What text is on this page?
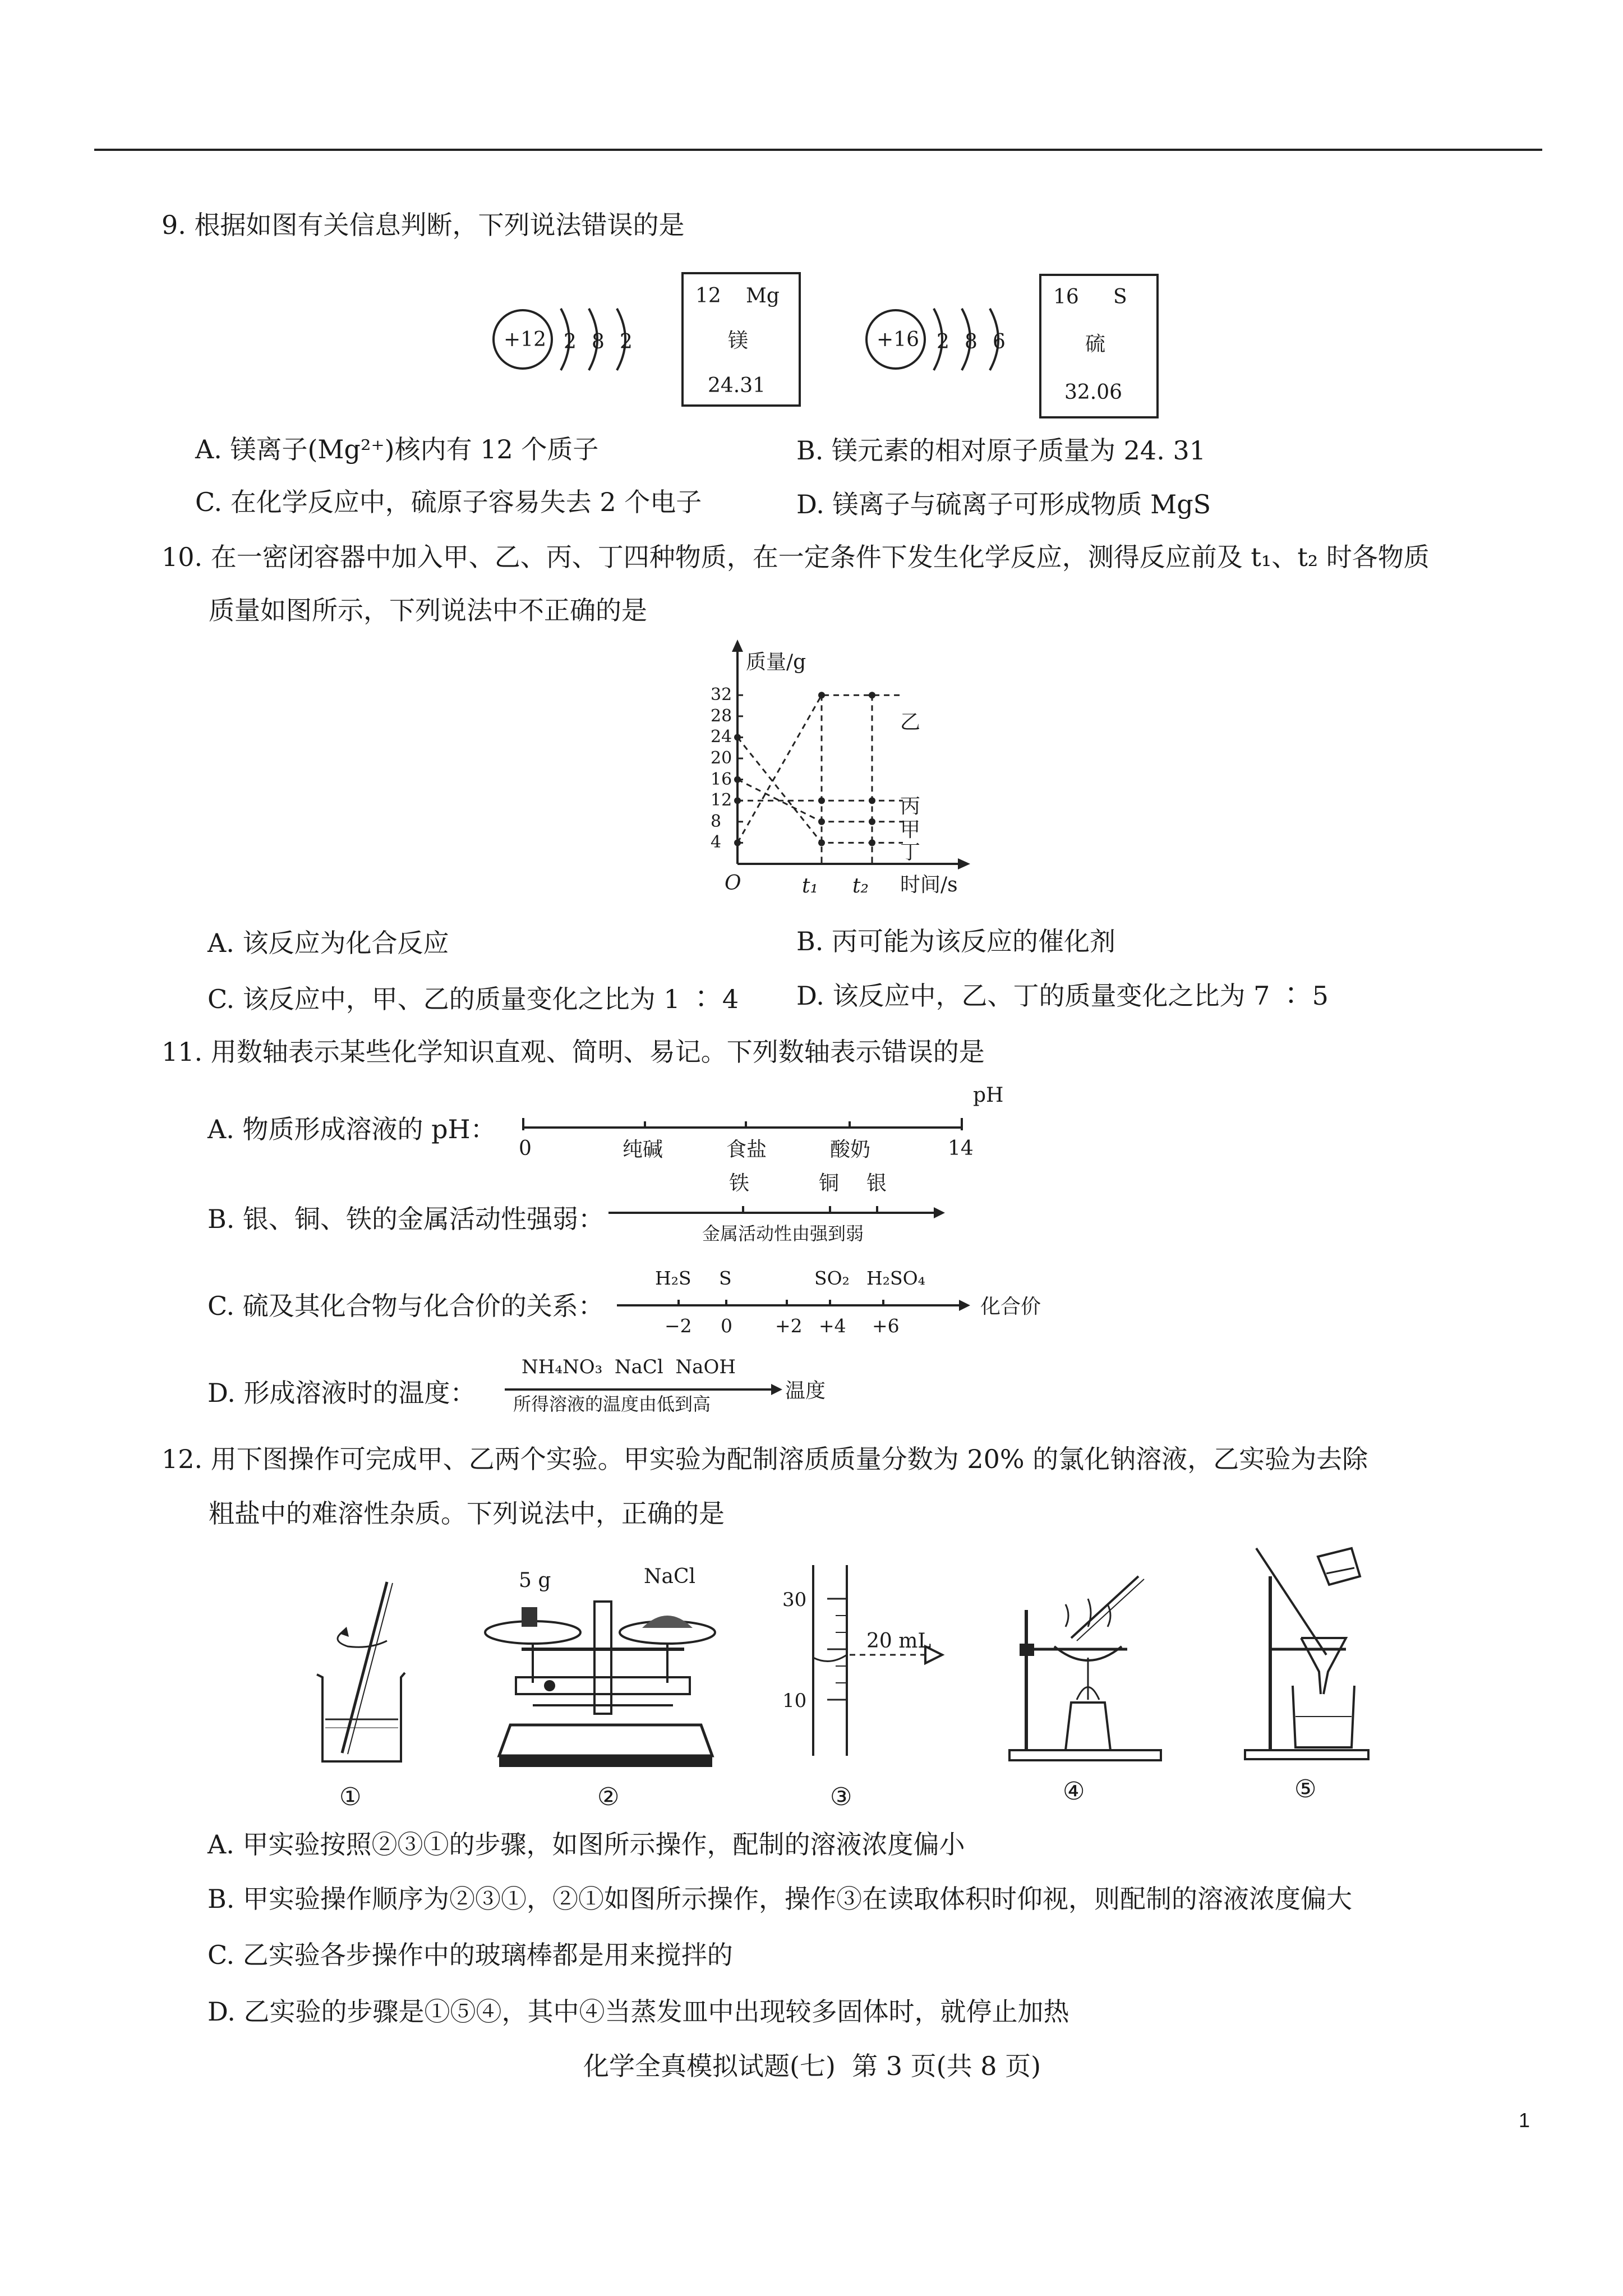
9. 根据如图有关信息判断，下列说法错误的是
+12 2 8 2
12 Mg
镁
24.31
+16 2 8 6
16 S
硫
32.06
A. 镁离子(Mg²⁺)核内有 12 个质子	B. 镁元素的相对原子质量为 24. 31
C. 在化学反应中，硫原子容易失去 2 个电子	D. 镁离子与硫离子可形成物质 MgS
10. 在一密闭容器中加入甲、乙、丙、丁四种物质，在一定条件下发生化学反应，测得反应前及 t₁、t₂ 时各物质
质量如图所示，下列说法中不正确的是
质量/g
时间/s
O	t₁ t₂
32
28
24
20
16
12
8
4
乙
丙
甲
丁
A. 该反应为化合反应	B. 丙可能为该反应的催化剂
C. 该反应中，甲、乙的质量变化之比为 1 ∶ 4 D. 该反应中，乙、丁的质量变化之比为 7 ∶ 5
11. 用数轴表示某些化学知识直观、简明、易记。下列数轴表示错误的是
A. 物质形成溶液的 pH：
0	14
pH
纯碱	食盐	酸奶
B. 银、铜、铁的金属活动性强弱：
铁	铜 银
金属活动性由强到弱
C. 硫及其化合物与化合价的关系：
H₂S S	SO₂ H₂SO₄
−2 0 +2 +4 +6
化合价
D. 形成溶液时的温度：
NH₄NO₃  NaCl  NaOH
所得溶液的温度由低到高
温度
12. 用下图操作可完成甲、乙两个实验。甲实验为配制溶质质量分数为 20% 的氯化钠溶液，乙实验为去除
粗盐中的难溶性杂质。下列说法中，正确的是
5 g	NaCl
30
10
20 mL
①	②	③	④	⑤
A. 甲实验按照②③①的步骤，如图所示操作，配制的溶液浓度偏小
B. 甲实验操作顺序为②③①，②①如图所示操作，操作③在读取体积时仰视，则配制的溶液浓度偏大
C. 乙实验各步操作中的玻璃棒都是用来搅拌的
D. 乙实验的步骤是①⑤④，其中④当蒸发皿中出现较多固体时，就停止加热
化学全真模拟试题(七)  第 3 页(共 8 页)
1
